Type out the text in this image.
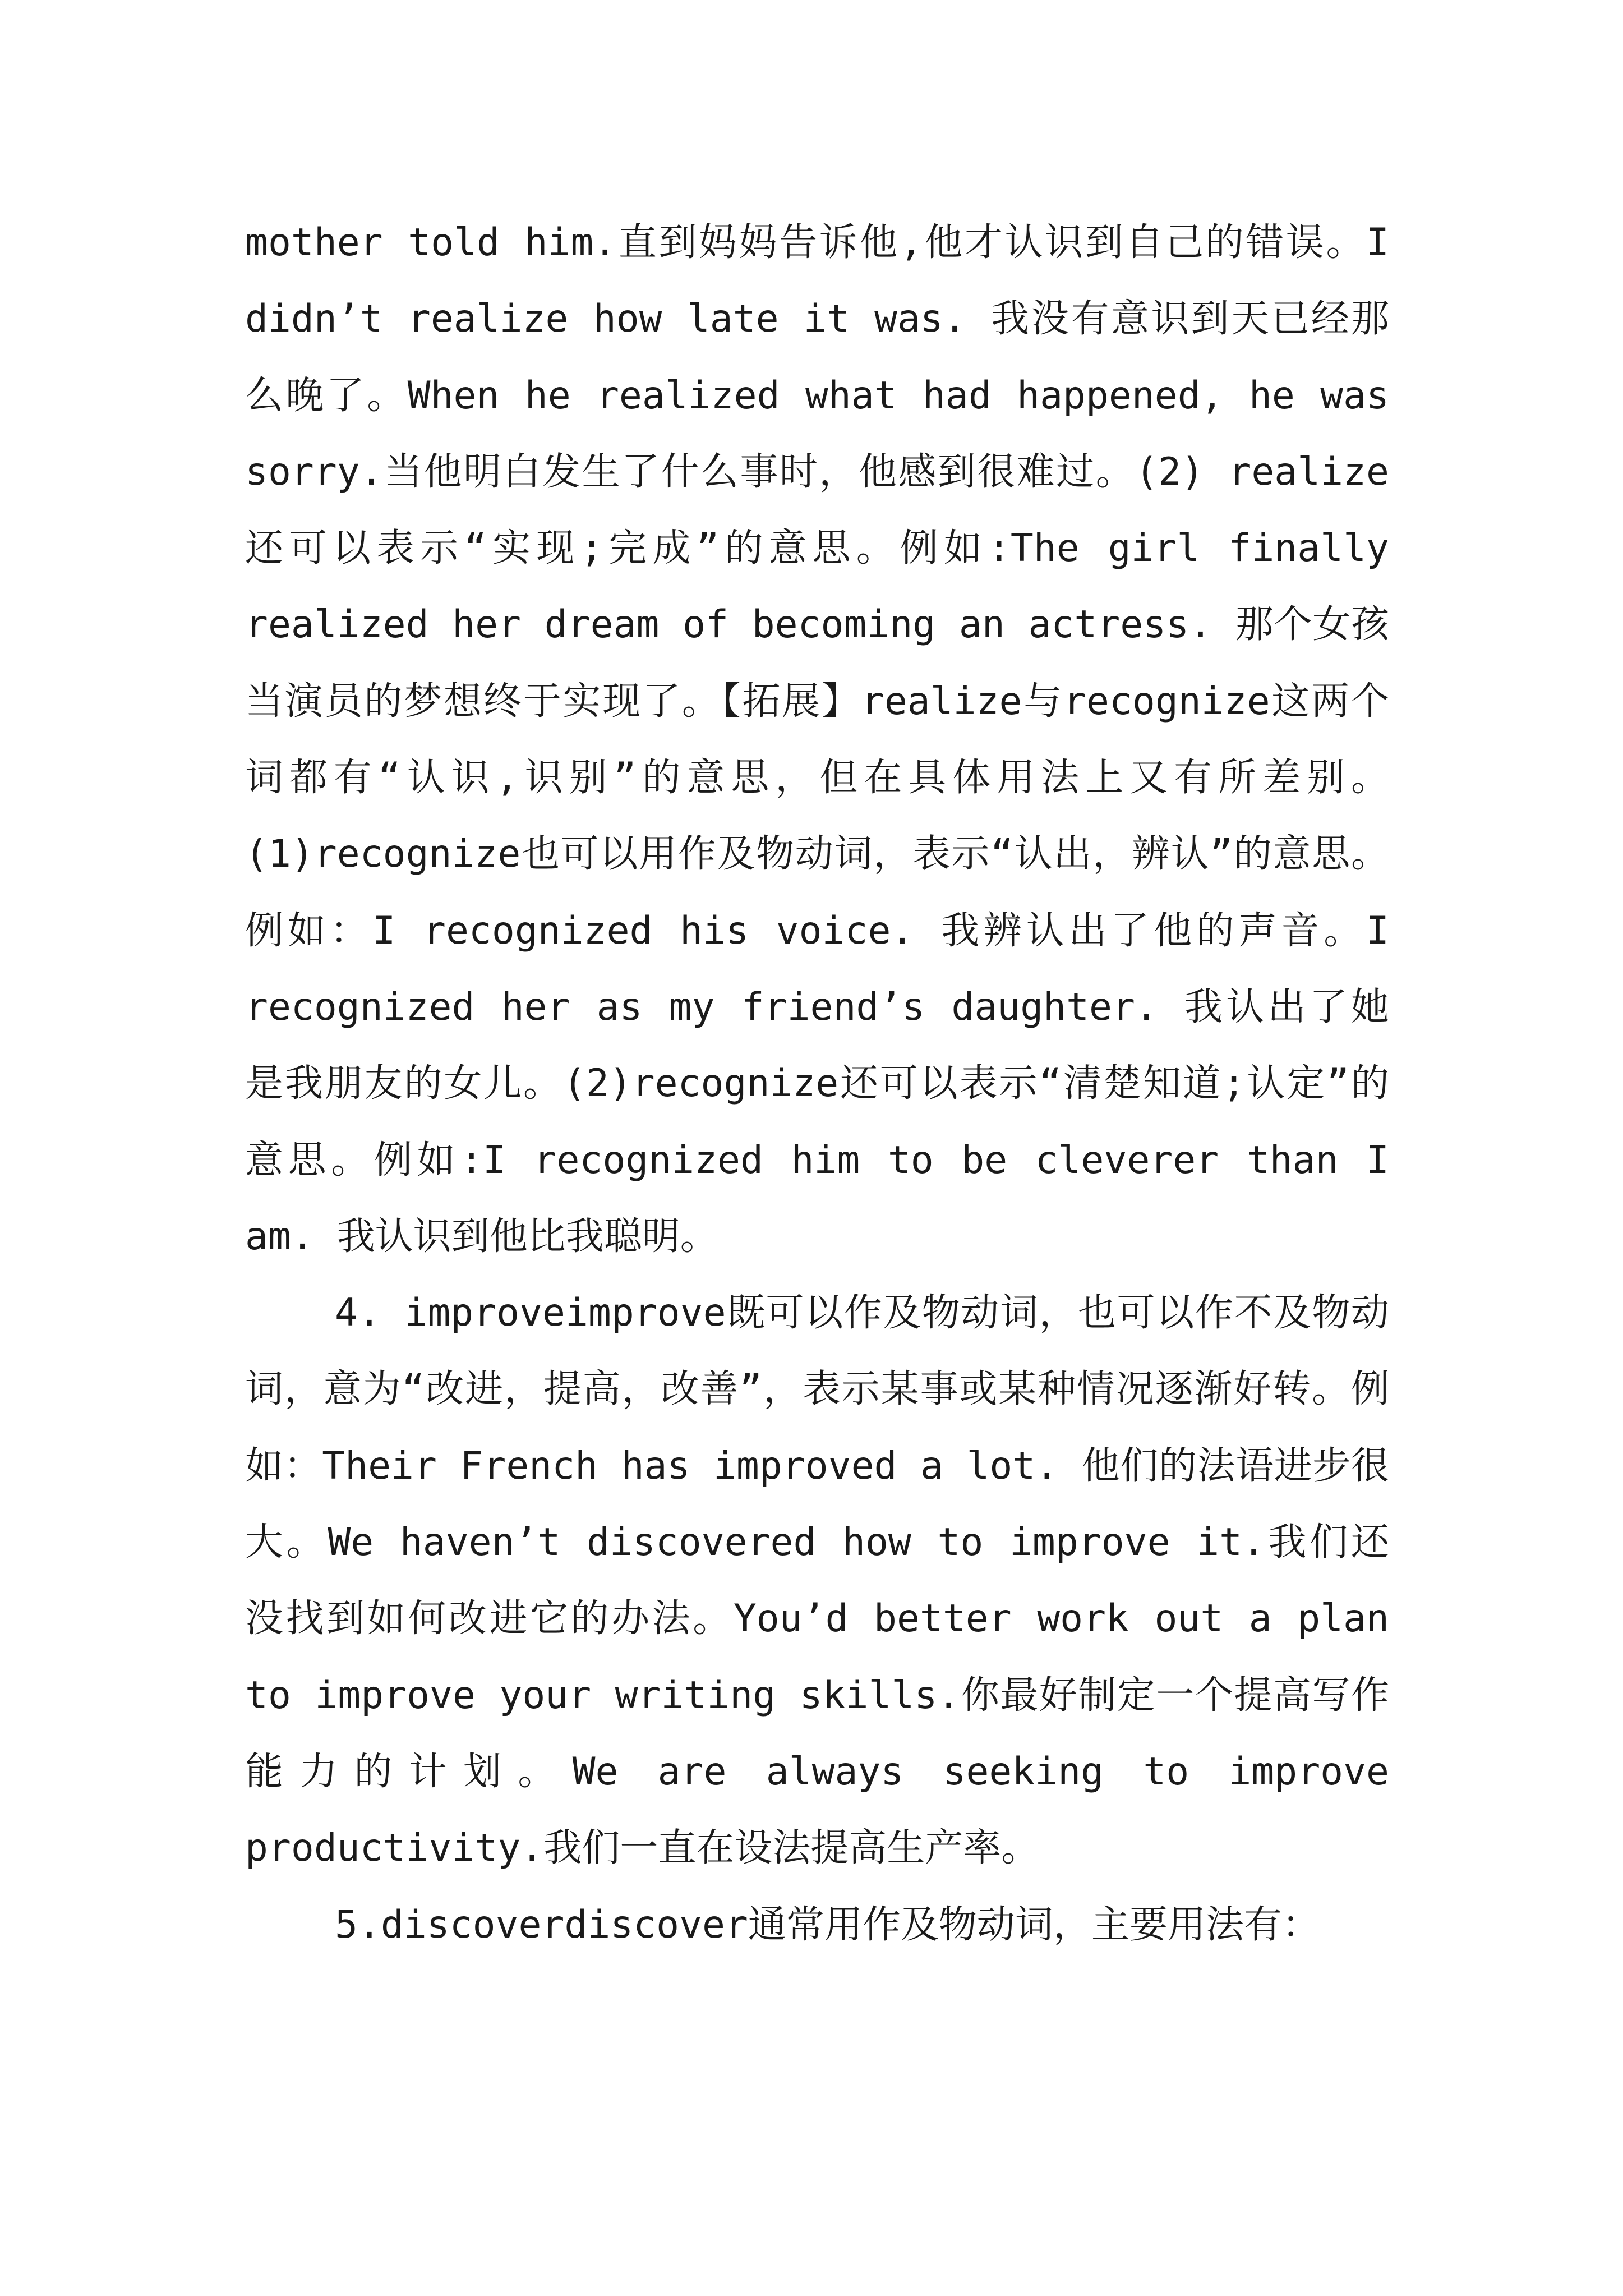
mother told him.直到妈妈告诉他,他才认识到自己的错误。I didn’t realize how late it was. 我没有意识到天已经那么晚了。When he realized what had happened, he was sorry.当他明白发生了什么事时，他感到很难过。(2) realize还可以表示“实现;完成”的意思。例如:The girl finally realized her dream of becoming an actress. 那个女孩当演员的梦想终于实现了。【拓展】realize与recognize这两个词都有“认识,识别”的意思，但在具体用法上又有所差别。(1)recognize也可以用作及物动词，表示“认出，辨认”的意思。例如：I recognized his voice. 我辨认出了他的声音。I recognized her as my friend’s daughter. 我认出了她是我朋友的女儿。(2)recognize还可以表示“清楚知道;认定”的意思。例如:I recognized him to be cleverer than I am. 我认识到他比我聪明。

4. improveimprove既可以作及物动词，也可以作不及物动词，意为“改进，提高，改善”，表示某事或某种情况逐渐好转。例如：Their French has improved a lot. 他们的法语进步很大。We haven’t discovered how to improve it.我们还没找到如何改进它的办法。You’d better work out a plan to improve your writing skills.你最好制定一个提高写作能力的计划。We are always seeking to improve productivity.我们一直在设法提高生产率。

5.discoverdiscover通常用作及物动词，主要用法有：
